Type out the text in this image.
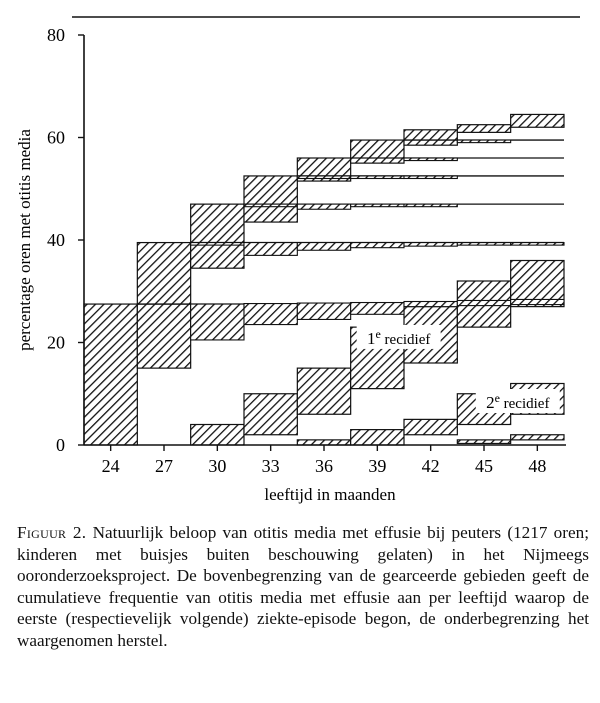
0
20
40
60
80
24 27 30 33 36 39 42 45 48
percentage oren met otitis media
leeftijd in maanden
1e recidief
2e recidief
Figuur 2. Natuurlijk beloop van otitis media met effusie bij peuters (1217 oren; kinderen met buisjes buiten beschouwing gelaten) in het Nijmeegs ooronderzoeksproject. De bovenbegrenzing van de gearceerde gebieden geeft de cumulatieve frequentie van otitis media met effusie aan per leeftijd waarop de eerste (respectievelijk volgende) ziekte-episode begon, de onderbegrenzing het waargenomen herstel.
